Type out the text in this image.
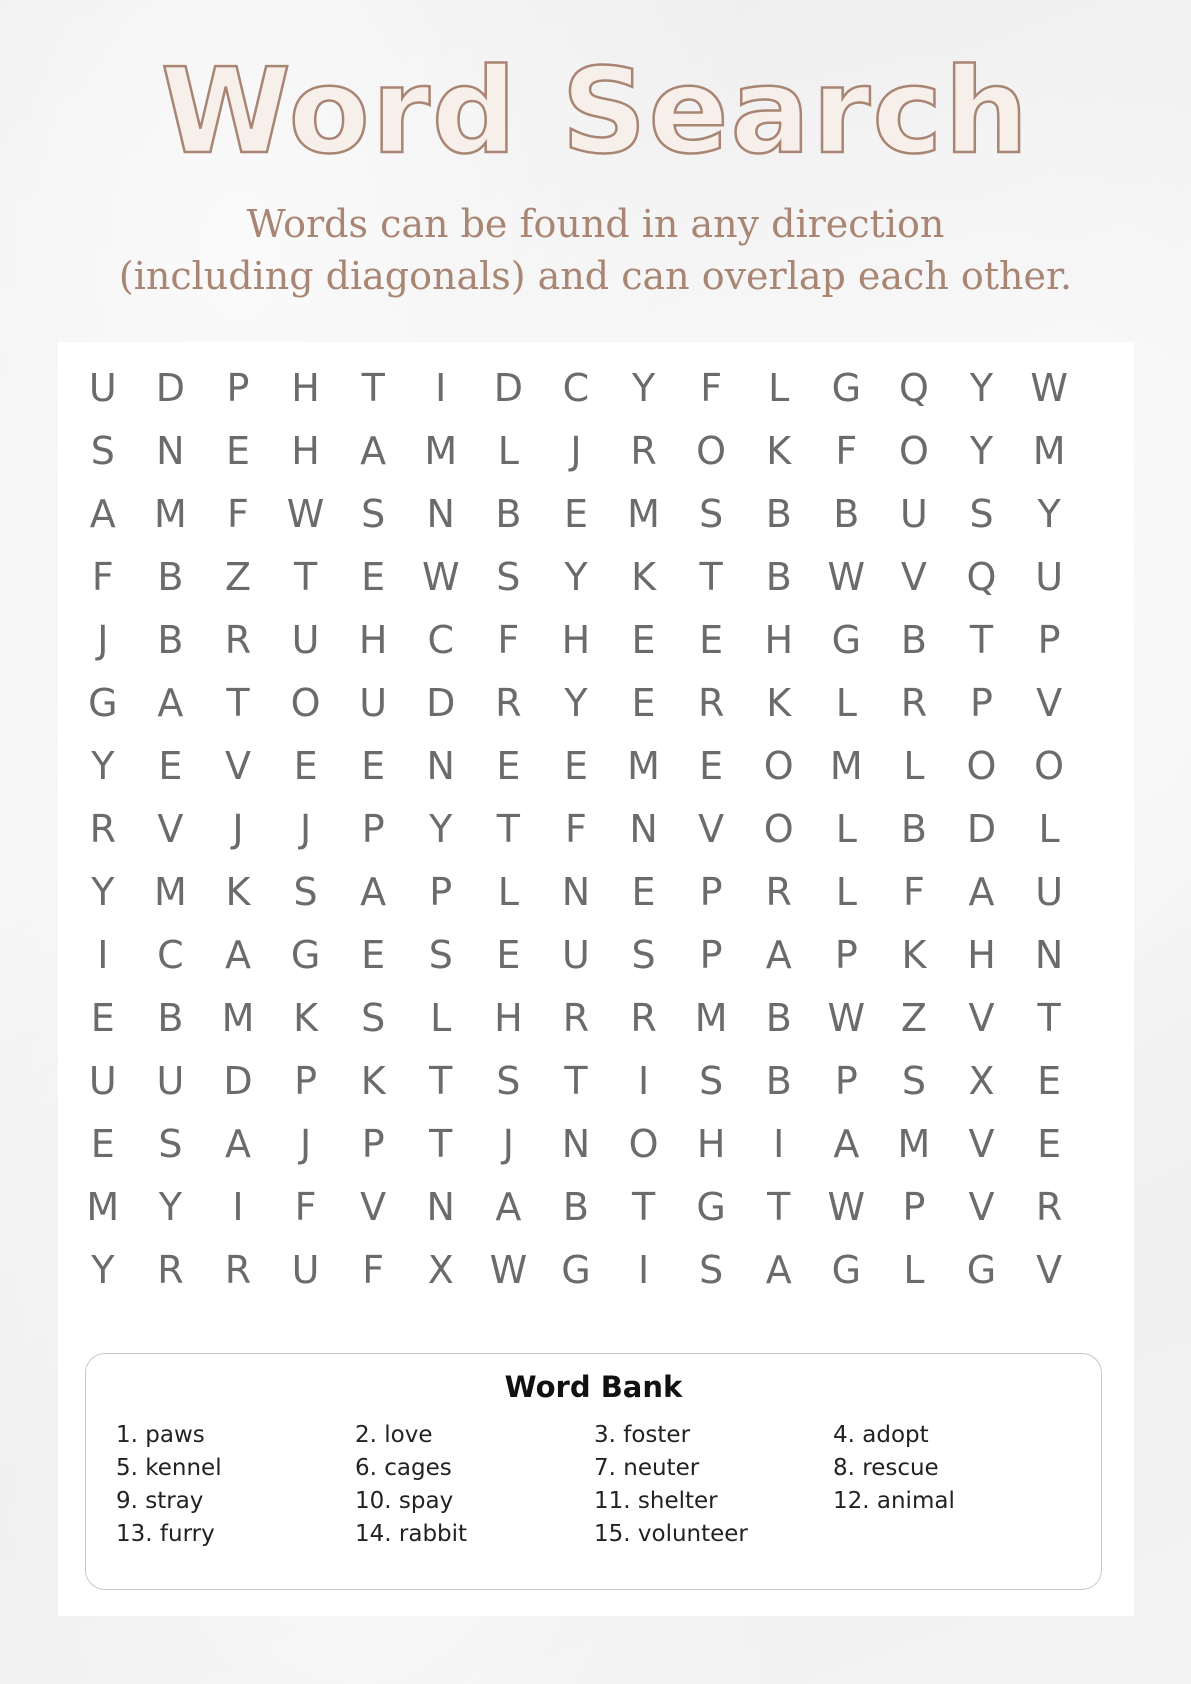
Word Search
Words can be found in any direction
(including diagonals) and can overlap each other.
U	D	P	H	T	I	D	C	Y	F	L	G Q	Y W
S	N	E	H	A	M	L	J	R	O	K	F	O	Y	M
A	M	F W S	N	B	E	M	S	B	B	U	S	Y
F	B	Z	T	E W S	Y	K	T	B W V	Q	U
J	B	R	U	H	C	F	H	E	E	H	G	B	T	P
G	A	T	O	U	D	R	Y	E	R	K	L	R	P	V
Y	E	V	E	E	N	E	E	M	E	O M	L	O O
R	V	J	J	P	Y	T	F	N	V	O	L	B	D	L
Y	M	K	S	A	P	L	N	E	P	R	L	F	A	U
I	C	A	G	E	S	E	U	S	P	A	P	K	H	N
E	B	M	K	S	L	H	R	R M	B W Z	V	T
U	U	D	P	K	T	S	T	I	S	B	P	S	X	E
E	S	A	J	P	T	J	N	O	H	I	A	M	V	E
M	Y	I	F	V	N	A	B	T	G	T W P	V	R
Y	R	R	U	F	X W G	I	S	A	G	L	G	V
Word Bank
1. paws	2. love	3. foster	4. adopt
5. kennel	6. cages	7. neuter	8. rescue
9. stray	10. spay	11. shelter	12. animal
13. furry	14. rabbit	15. volunteer
